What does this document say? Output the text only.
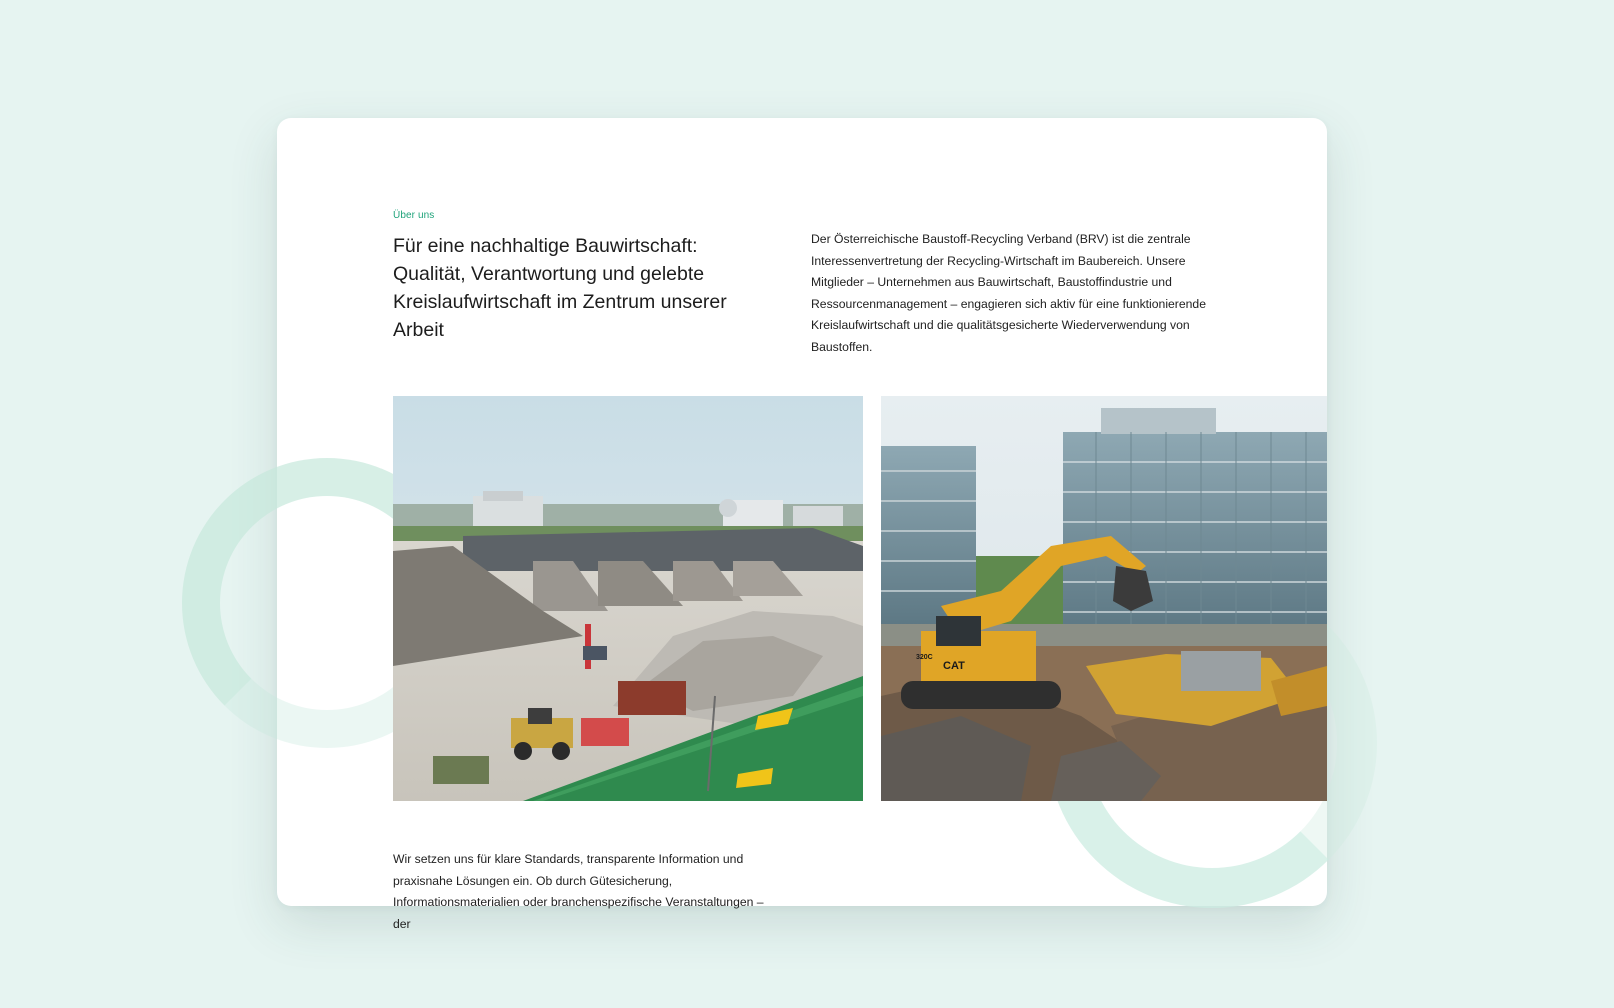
Über uns
Für eine nachhaltige Bauwirtschaft: Qualität, Verantwortung und gelebte Kreislaufwirtschaft im Zentrum unserer Arbeit

Der Österreichische Baustoff-Recycling Verband (BRV) ist die zentrale Interessenvertretung der Recycling-Wirtschaft im Baubereich. Unsere Mitglieder – Unternehmen aus Bauwirtschaft, Baustoffindustrie und Ressourcenmanagement – engagieren sich aktiv für eine funktionierende Kreislaufwirtschaft und die qualitätsgesicherte Wiederverwendung von Baustoffen.

CAT
320C

Wir setzen uns für klare Standards, transparente Information und praxisnahe Lösungen ein. Ob durch Gütesicherung, Informationsmaterialien oder branchenspezifische Veranstaltungen – der
